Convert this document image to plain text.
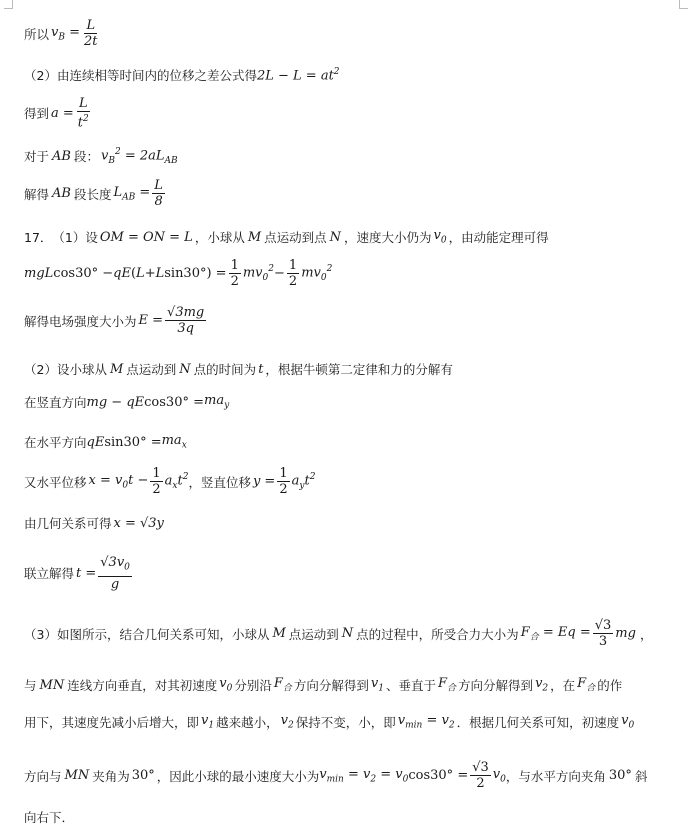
所以 $v_B = \frac{L}{2t}$
（2）由连续相等时间内的位移之差公式得 $2L - L = at^2$
得到 $a = \frac{L}{t^2}$
对于 AB 段： $v_B^2 = 2aL_{AB}$
解得 AB 段长度 $L_{AB} = \frac{L}{8}$
17． （1）设 OM = ON = L ，小球从 M 点运动到点 N ，速度大小仍为 $v_0$ ，由动能定理可得
mgL cos30° − qE ( L + L $\sin 30^\circ) = \frac{1}{2} mv_0^2 - \frac{1}{2} mv_0^2$
解得电场强度大小为 $E = \frac{√3mg}{3q}$
（2）设小球从 M 点运动到 N 点的时间为 t ，根据牛顿第二定律和力的分解有
在竖直方向 mg − qE $\cos 30^\circ = ma_y$
在水平方向 qE $\sin 30^\circ = ma_x$
又水平位移 $x = v_0t - \frac{1}{2} a_xt^2$ ，竖直位移 $y = \frac{1}{2} a_yt^2$
由几何关系可得 x = √3y
联立解得 $t = \frac{√3v_0}{g}$
（3）如图所示，结合几何关系可知，小球从 M 点运动到 N 点的过程中，所受合力大小为 $F_合 = Eq = \frac{√3}{3}$ mg ，
与 MN 连线方向垂直，对其初速度 $v_0$ 分别沿 $F_合$ 方向分解得到 $v_1$ 、垂直于 $F_合$ 方向分解得到 $v_2$ ，在 $F_合$ 的作
用下，其速度先减小后增大，即 $v_1$ 越来越小， $v_2$ 保持不变，小，即 $v_{min} = v_2$ ．根据几何关系可知，初速度 $v_0$
方向与 MN 夹角为 30° ，因此小球的最小速度大小为 $v_{min} = v_2 = v_0$ $\cos 30^\circ = \frac{√3}{2} v_0$ ，与水平方向夹角 30° 斜
向右下．
